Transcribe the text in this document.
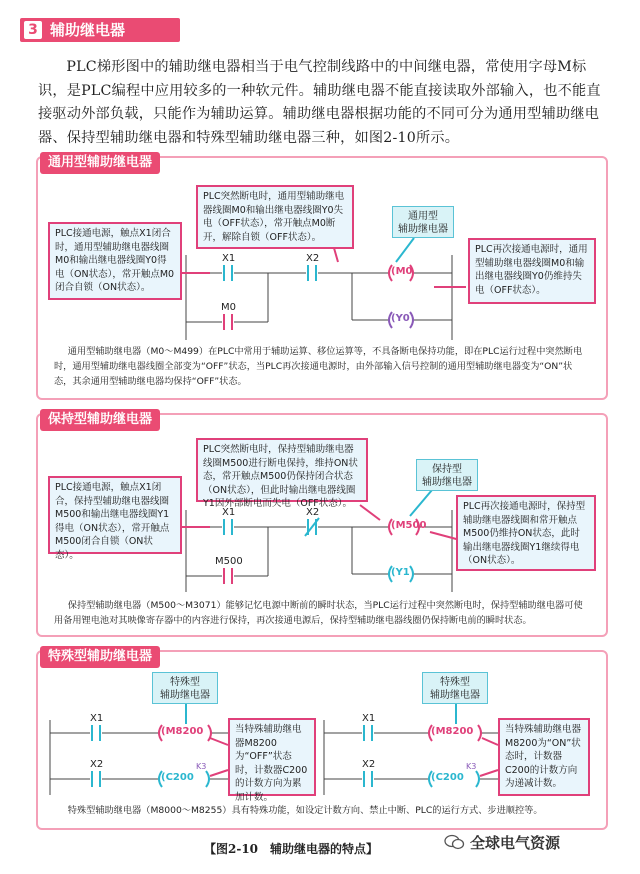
3 辅助继电器
PLC梯形图中的辅助继电器相当于电气控制线路中的中间继电器，常使用字母M标识，是PLC编程中应用较多的一种软元件。辅助继电器不能直接读取外部输入，也不能直接驱动外部负载，只能作为辅助运算。辅助继电器根据功能的不同可分为通用型辅助继电器、保持型辅助继电器和特殊型辅助继电器三种，如图2-10所示。
通用型辅助继电器
PLC接通电源，触点X1闭合时，通用型辅助继电器线圈M0和输出继电器线圈Y0得电（ON状态），常开触点M0闭合自锁（ON状态）。
PLC突然断电时，通用型辅助继电器线圈M0和输出继电器线圈Y0失电（OFF状态），常开触点M0断开，解除自锁（OFF状态）。
PLC再次接通电源时，通用型辅助继电器线圈M0和输出继电器线圈Y0仍维持失电（OFF状态）。
通用型
辅助继电器
X1	X2
M0
(M0
(Y0
通用型辅助继电器（M0～M499）在PLC中常用于辅助运算、移位运算等，不具备断电保持功能，即在PLC运行过程中突然断电时，通用型辅助继电器线圈全部变为“OFF”状态，当PLC再次接通电源时，由外部输入信号控制的通用型辅助继电器变为“ON”状态，其余通用型辅助继电器均保持“OFF”状态。
保持型辅助继电器
PLC接通电源，触点X1闭合，保持型辅助继电器线圈M500和输出继电器线圈Y1得电（ON状态），常开触点M500闭合自锁（ON状态）。
PLC突然断电时，保持型辅助继电器线圈M500进行断电保持，维持ON状态，常开触点M500仍保持闭合状态（ON状态），但此时输出继电器线圈Y1因外部断电而失电（OFF状态）。	PLC再次接通电源时，保持型辅助继电器线圈和常开触点M500仍维持ON状态，此时输出继电器线圈Y1继续得电（ON状态）。
保持型
辅助继电器
X1	X2
M500
(M500
(Y1
保持型辅助继电器（M500～M3071）能够记忆电源中断前的瞬时状态，当PLC运行过程中突然断电时，保持型辅助继电器可使用备用锂电池对其映像寄存器中的内容进行保持，再次接通电源后，保持型辅助继电器线圈仍保持断电前的瞬时状态。
特殊型辅助继电器
特殊型
辅助继电器
特殊型
辅助继电器
当特殊辅助继电器M8200为“OFF”状态时，计数器C200的计数方向为累加计数。
当特殊辅助继电器M8200为“ON”状态时，计数器C200的计数方向为递减计数。
X1
X2
(M8200
(C200
K3
X1
X2
(M8200
(C200
K3
特殊型辅助继电器（M8000～M8255）具有特殊功能，如设定计数方向、禁止中断、PLC的运行方式、步进顺控等。
【图2-10　辅助继电器的特点】	全球电气资源
